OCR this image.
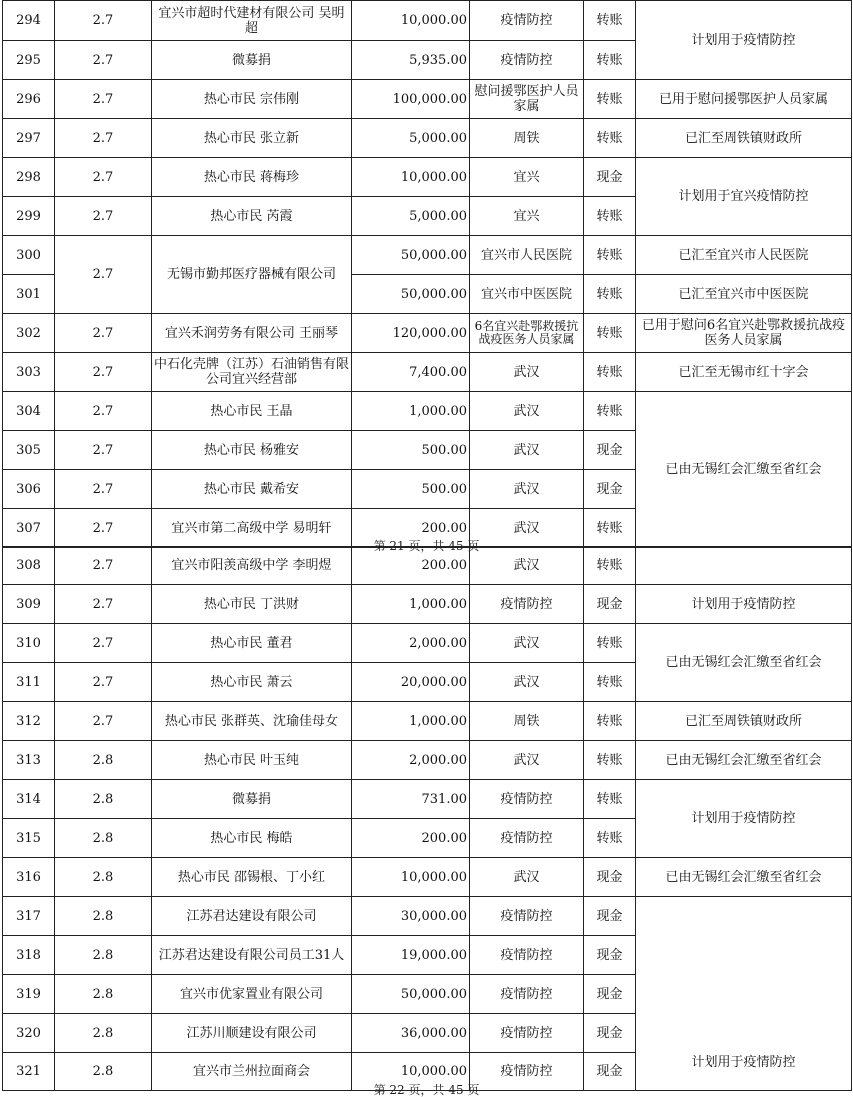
294	2.7	宜兴市超时代建材有限公司 吴明超	10,000.00	疫情防控	转账	计划用于疫情防控
295	2.7	微募捐	5,935.00	疫情防控	转账	
296	2.7	热心市民 宗伟刚	100,000.00	慰问援鄂医护人员家属	转账	已用于慰问援鄂医护人员家属
297	2.7	热心市民 张立新	5,000.00	周铁	转账	已汇至周铁镇财政所
298	2.7	热心市民 蒋梅珍	10,000.00	宜兴	现金	计划用于宜兴疫情防控
299	2.7	热心市民 芮霞	5,000.00	宜兴	转账	
300	2.7	无锡市勤邦医疗器械有限公司	50,000.00	宜兴市人民医院	转账	已汇至宜兴市人民医院
301			50,000.00	宜兴市中医医院	转账	已汇至宜兴市中医医院
302	2.7	宜兴禾润劳务有限公司 王丽琴	120,000.00	6名宜兴赴鄂救援抗战疫医务人员家属	转账	已用于慰问6名宜兴赴鄂救援抗战疫医务人员家属
303	2.7	中石化壳牌（江苏）石油销售有限公司宜兴经营部	7,400.00	武汉	转账	已汇至无锡市红十字会
304	2.7	热心市民 王晶	1,000.00	武汉	转账	已由无锡红会汇缴至省红会
305	2.7	热心市民 杨雅安	500.00	武汉	现金	
306	2.7	热心市民 戴希安	500.00	武汉	现金	
307	2.7	宜兴市第二高级中学 易明轩	200.00	武汉	转账	
第 21 页，共 45 页
308	2.7	宜兴市阳羡高级中学 李明煜	200.00	武汉	转账	
309	2.7	热心市民 丁洪财	1,000.00	疫情防控	现金	计划用于疫情防控
310	2.7	热心市民 董君	2,000.00	武汉	转账	已由无锡红会汇缴至省红会
311	2.7	热心市民 萧云	20,000.00	武汉	转账	
312	2.7	热心市民 张群英、沈瑜佳母女	1,000.00	周铁	转账	已汇至周铁镇财政所
313	2.8	热心市民 叶玉纯	2,000.00	武汉	转账	已由无锡红会汇缴至省红会
314	2.8	微募捐	731.00	疫情防控	转账	计划用于疫情防控
315	2.8	热心市民 梅皓	200.00	疫情防控	转账	
316	2.8	热心市民 邵锡根、丁小红	10,000.00	武汉	现金	已由无锡红会汇缴至省红会
317	2.8	江苏君达建设有限公司	30,000.00	疫情防控	现金	计划用于疫情防控
318	2.8	江苏君达建设有限公司员工31人	19,000.00	疫情防控	现金	
319	2.8	宜兴市优家置业有限公司	50,000.00	疫情防控	现金	
320	2.8	江苏川顺建设有限公司	36,000.00	疫情防控	现金	
321	2.8	宜兴市兰州拉面商会	10,000.00	疫情防控	现金	
第 22 页，共 45 页
